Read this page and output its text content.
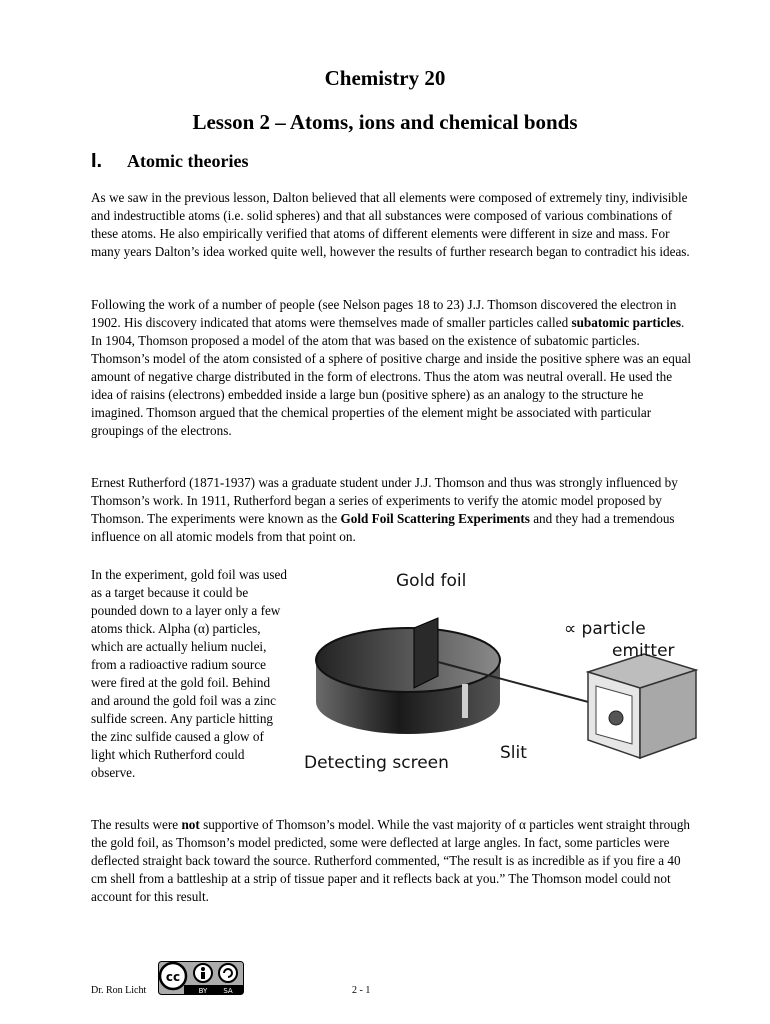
Chemistry 20
Lesson 2 – Atoms, ions and chemical bonds
I. Atomic theories

As we saw in the previous lesson, Dalton believed that all elements were composed of extremely tiny, indivisible and indestructible atoms (i.e. solid spheres) and that all substances were composed of various combinations of these atoms. He also empirically verified that atoms of different elements were different in size and mass. For many years Dalton’s idea worked quite well, however the results of further research began to contradict his ideas.

Following the work of a number of people (see Nelson pages 18 to 23) J.J. Thomson discovered the electron in 1902. His discovery indicated that atoms were themselves made of smaller particles called subatomic particles. In 1904, Thomson proposed a model of the atom that was based on the existence of subatomic particles. Thomson’s model of the atom consisted of a sphere of positive charge and inside the positive sphere was an equal amount of negative charge distributed in the form of electrons. Thus the atom was neutral overall. He used the idea of raisins (electrons) embedded inside a large bun (positive sphere) as an analogy to the structure he imagined. Thomson argued that the chemical properties of the element might be associated with particular groupings of the electrons.

Ernest Rutherford (1871-1937) was a graduate student under J.J. Thomson and thus was strongly influenced by Thomson’s work. In 1911, Rutherford began a series of experiments to verify the atomic model proposed by Thomson. The experiments were known as the Gold Foil Scattering Experiments and they had a tremendous influence on all atomic models from that point on.

In the experiment, gold foil was used as a target because it could be pounded down to a layer only a few atoms thick. Alpha (α) particles, which are actually helium nuclei, from a radioactive radium source were fired at the gold foil. Behind and around the gold foil was a zinc sulfide screen. Any particle hitting the zinc sulfide caused a glow of light which Rutherford could observe.

Gold foil
∝ particle
emitter
Detecting screen	Slit

The results were not supportive of Thomson’s model. While the vast majority of α particles went straight through the gold foil, as Thomson’s model predicted, some were deflected at large angles. In fact, some particles were deflected straight back toward the source. Rutherford commented, “The result is as incredible as if you fire a 40 cm shell from a battleship at a strip of tissue paper and it reflects back at you.” The Thomson model could not account for this result.

Dr. Ron Licht

cc
BY SA	2 - 1
